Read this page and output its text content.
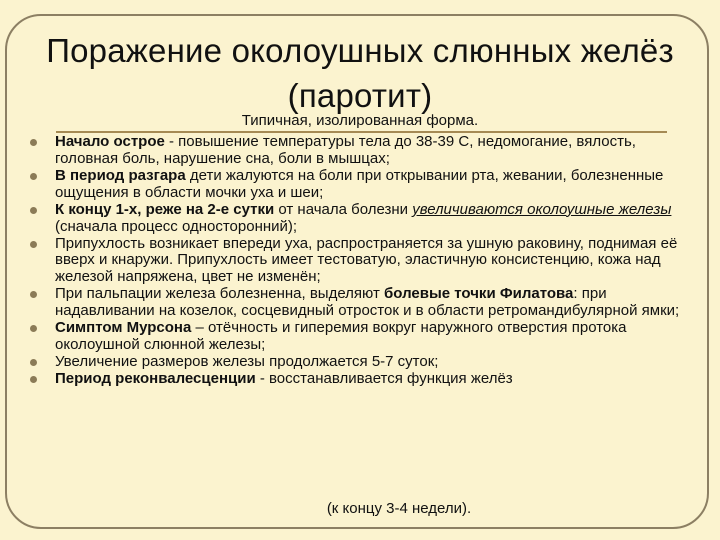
Поражение околоушных слюнных желёз
(паротит)
Типичная, изолированная форма.
Начало острое - повышение температуры тела до 38-39 С, недомогание, вялость, головная боль, нарушение сна, боли в мышцах;
В период разгара дети жалуются на боли при открывании рта, жевании, болезненные ощущения в области мочки уха и шеи;
К концу 1-х, реже на 2-е сутки от начала болезни увеличиваются околоушные железы (сначала процесс односторонний);
Припухлость возникает впереди уха, распространяется за ушную раковину, поднимая её вверх и кнаружи. Припухлость имеет тестоватую, эластичную консистенцию, кожа над железой напряжена, цвет не изменён;
При пальпации железа болезненна, выделяют болевые точки Филатова: при надавливании на козелок, сосцевидный отросток и в области ретромандибулярной ямки;
Симптом Мурсона – отёчность и гиперемия вокруг наружного отверстия протока околоушной слюнной железы;
Увеличение размеров железы продолжается 5-7 суток;
Период реконвалесценции - восстанавливается функция желёз
(к концу 3-4 недели).
